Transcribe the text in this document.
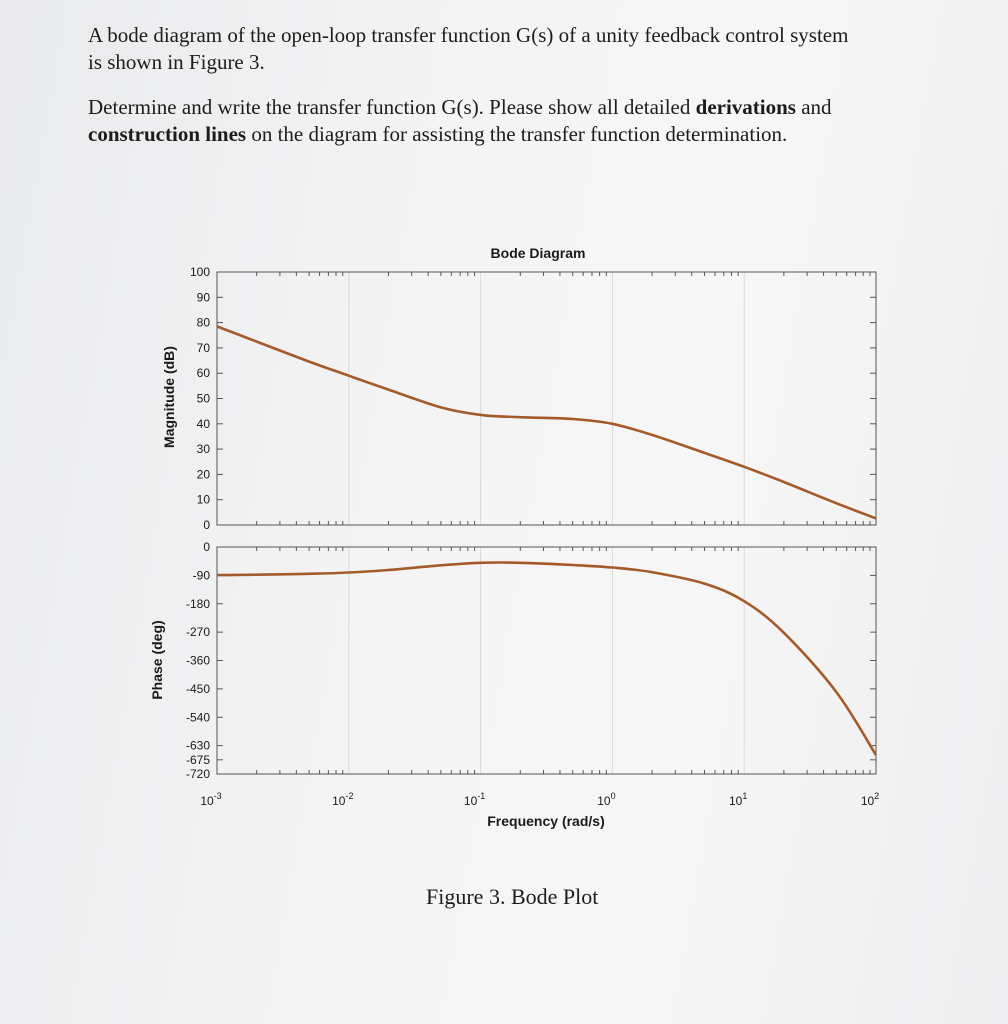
A bode diagram of the open-loop transfer function G(s) of a unity feedback control system
is shown in Figure 3.
Determine and write the transfer function G(s). Please show all detailed derivations and
construction lines on the diagram for assisting the transfer function determination.
Bode Diagram
Magnitude (dB)
Phase (deg)
Frequency (rad/s)
0
10
20
30
40
50
60
70
80
90
100
0
-90
-180
-270
-360
-450
-540
-630
-675
-720
$10^{-3}$	$10^{-2}$	$10^{-1}$	$10^0$	$10^1$	$10^2$
Figure 3. Bode Plot
